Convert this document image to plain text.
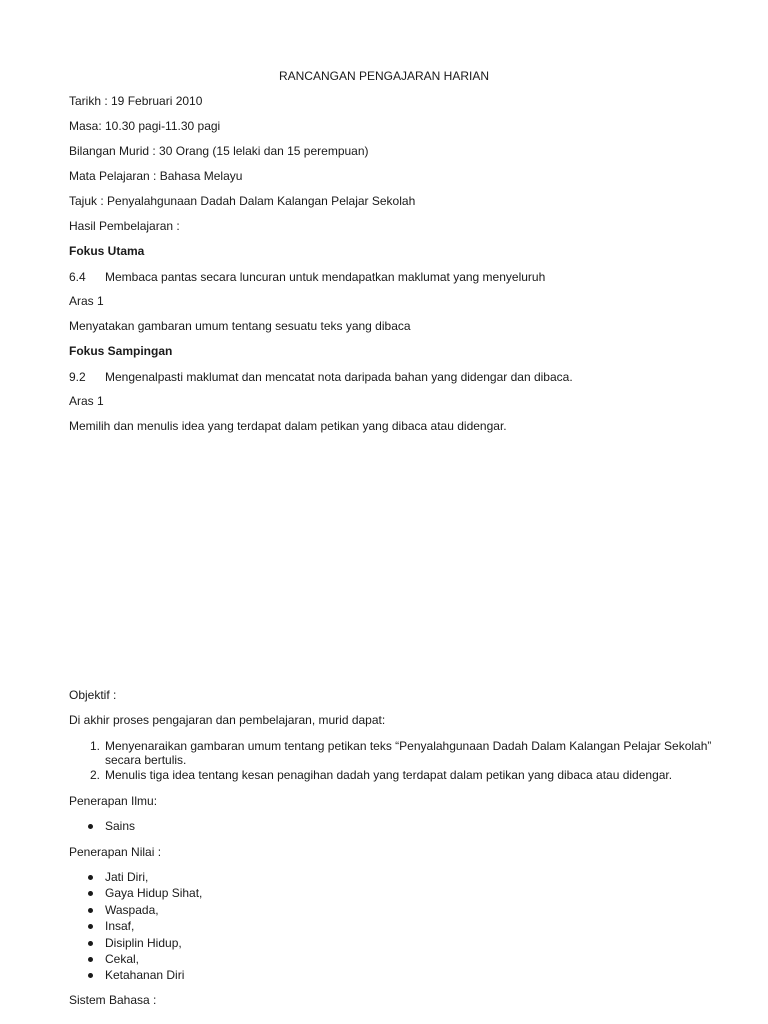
RANCANGAN PENGAJARAN HARIAN
Tarikh : 19 Februari 2010
Masa: 10.30 pagi-11.30 pagi
Bilangan Murid : 30 Orang (15 lelaki dan 15 perempuan)
Mata Pelajaran : Bahasa Melayu
Tajuk : Penyalahgunaan Dadah Dalam Kalangan Pelajar Sekolah
Hasil Pembelajaran :
Fokus Utama
6.4 Membaca pantas secara luncuran untuk mendapatkan maklumat yang menyeluruh
Aras 1
Menyatakan gambaran umum tentang sesuatu teks yang dibaca
Fokus Sampingan
9.2 Mengenalpasti maklumat dan mencatat nota daripada bahan yang didengar dan dibaca.
Aras 1
Memilih dan menulis idea yang terdapat dalam petikan yang dibaca atau didengar.
Objektif :
Di akhir proses pengajaran dan pembelajaran, murid dapat:
1. Menyenaraikan gambaran umum tentang petikan teks “Penyalahgunaan Dadah Dalam Kalangan Pelajar Sekolah”
secara bertulis.
2. Menulis tiga idea tentang kesan penagihan dadah yang terdapat dalam petikan yang dibaca atau didengar.
Penerapan Ilmu:
Sains
Penerapan Nilai :
Jati Diri,
Gaya Hidup Sihat,
Waspada,
Insaf,
Disiplin Hidup,
Cekal,
Ketahanan Diri
Sistem Bahasa :
